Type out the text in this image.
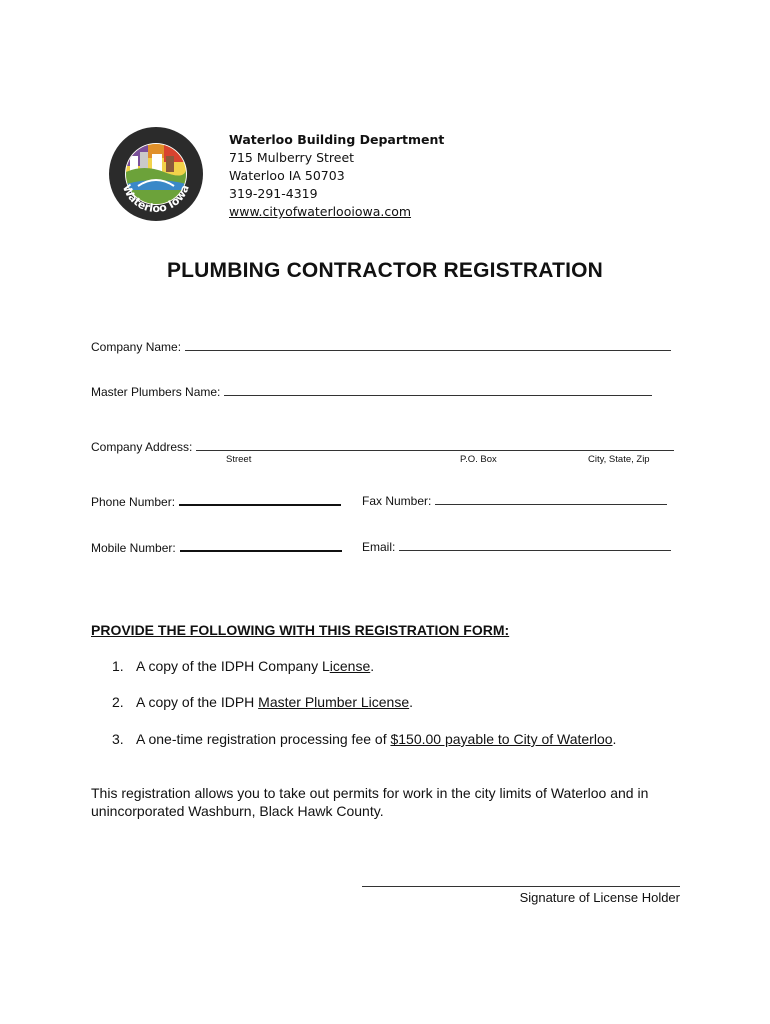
Waterloo Iowa
Waterloo Building Department
715 Mulberry Street
Waterloo IA 50703
319-291-4319
www.cityofwaterlooiowa.com
PLUMBING CONTRACTOR REGISTRATION
Company Name:
Master Plumbers Name:
Company Address:
Street	P.O. Box	City, State, Zip
Phone Number:	Fax Number:
Mobile Number:	Email:
PROVIDE THE FOLLOWING WITH THIS REGISTRATION FORM:
1. A copy of the IDPH Company License.
2. A copy of the IDPH Master Plumber License.
3. A one-time registration processing fee of $150.00 payable to City of Waterloo.
This registration allows you to take out permits for work in the city limits of Waterloo and in unincorporated Washburn, Black Hawk County.
Signature of License Holder
